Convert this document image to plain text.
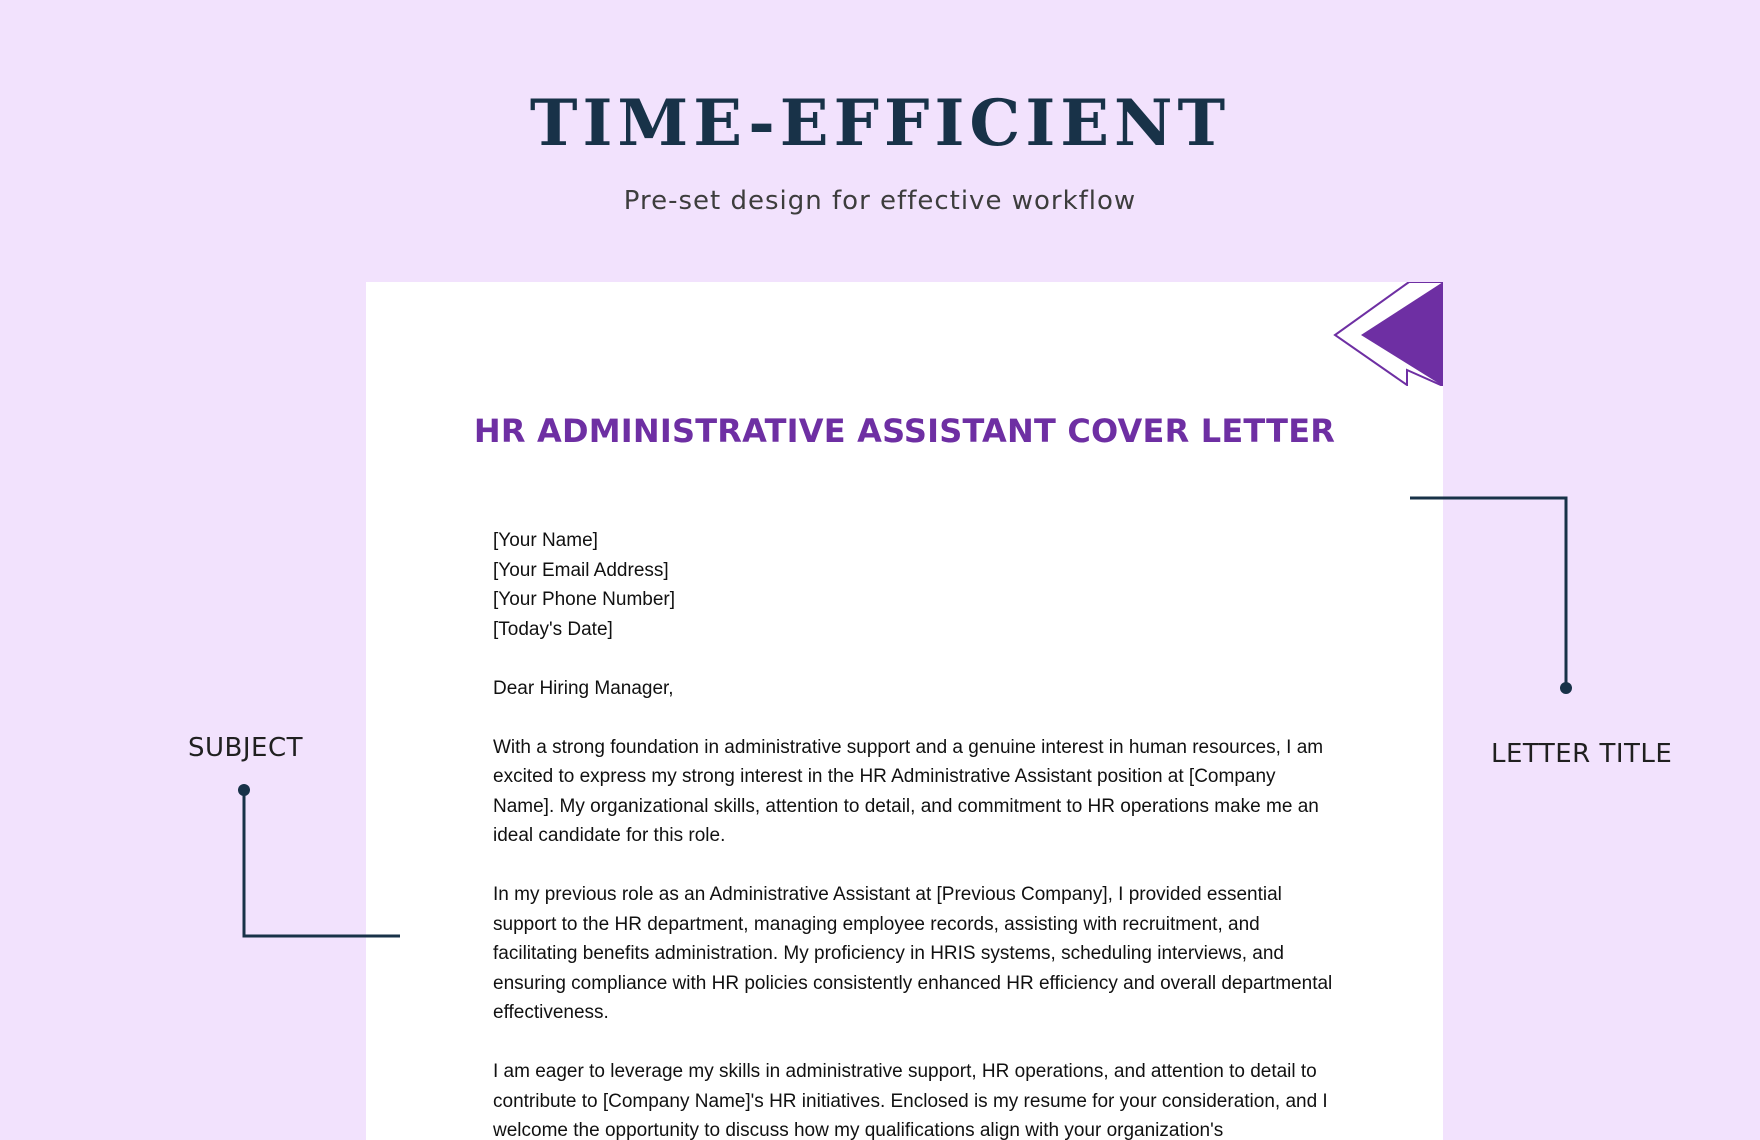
TIME-EFFICIENT

Pre-set design for effective workflow

HR ADMINISTRATIVE ASSISTANT COVER LETTER
[Your Name]
[Your Email Address]
[Your Phone Number]
[Today's Date]

Dear Hiring Manager,

With a strong foundation in administrative support and a genuine interest in human resources, I am excited to express my strong interest in the HR Administrative Assistant position at [Company Name]. My organizational skills, attention to detail, and commitment to HR operations make me an ideal candidate for this role.

In my previous role as an Administrative Assistant at [Previous Company], I provided essential support to the HR department, managing employee records, assisting with recruitment, and facilitating benefits administration. My proficiency in HRIS systems, scheduling interviews, and ensuring compliance with HR policies consistently enhanced HR efficiency and overall departmental effectiveness.

I am eager to leverage my skills in administrative support, HR operations, and attention to detail to contribute to [Company Name]'s HR initiatives. Enclosed is my resume for your consideration, and I welcome the opportunity to discuss how my qualifications align with your organization's

SUBJECT	LETTER TITLE
